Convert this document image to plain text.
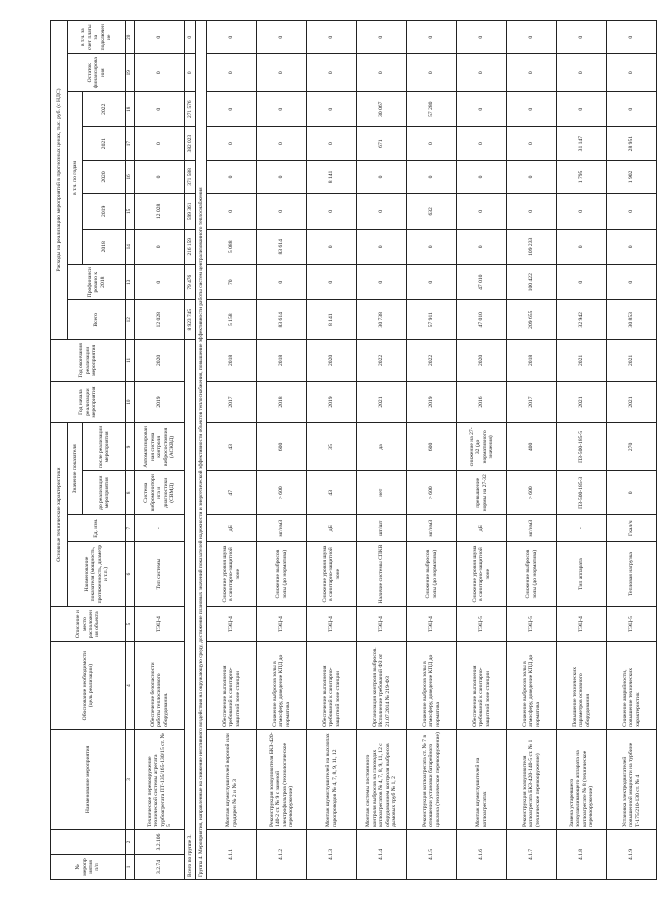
№ мероприятия
п/п		Наименование мероприятия	Обоснование необходимости (цель реализации)	Описание и место расположения объекта	Основные технические характеристики				Год начала реализации мероприятия	Год окончания реализации мероприятия	Расходы на реализацию мероприятий в прогнозных ценах, тыс. руб. (с НДС)								
					Наименование показателя (мощность, протяженность, диаметр и т.п.)	Ед. изм.	Значение показателя				Всего	Профинансировано к 2018	в т.ч. по годам					Остаток финансирования	в т.ч. за счет платы за подключение
							до реализации мероприятия	после реализации мероприятия					2018	2019	2020	2021	2022		
1	2	3	4	5	6	7	8	9	10	11	12	13	14	15	16	17	18	19	20
3.2.74	3.2.106	Техническое перевооружение технической системы агрегата турбоагрегата ПТ-135/165-130/15 ст. № 5	Обеспечение безопасности работы теплосилового оборудования.	ТЭЦ-4	Тип системы	-	Система вибромониторинга и диагностики (СВМД)	Автоматизированная система контроля вибросостояния (АСКВД)	2019	2020	12 028	0	0	12 028	0	0	0	0	0
Всего по группе 3.											8 923 745	79 476	216 159	599 361	371 588	382 023	271 576	0	0
Группа 4. Мероприятия, направленные на снижение негативного воздействия на окружающую среду, достижение плановых значений показателей надежности и энергетической эффективности объектов теплоснабжения, повышение эффективности работы систем централизованного теплоснабжения																			
4.1.1		Монтаж шумоглушителей вороной или градирен № 2 и № 3	Обеспечение выполнения требований к санитарно-защитной зоне станции	ТЭЦ-4	Снижение уровня шума в санитарно-защитной зоне	дБ	47	43	2017	2018	5 158	70	5 088	0	0	0	0	0	0
4.1.2		Реконструкция золоуловителя БКЗ-420-140-2 ст. № 9 с заменой электрофильтров (технологическое перевооружение)	Снижение выбросов золы в атмосферу, доведение КПД до норматива	ТЭЦ-4	Снижение выбросов золы (до норматива)	мг/нм3	> 600	600	2018	2018	83 614	0	83 614	0	0	0	0	0	0
4.1.3		Монтаж шумоглушителей на выхлопах паропроводов № 4, 7, 8, 9, 11, 12	Обеспечение выполнения требований к санитарно-защитной зоне станции	ТЭЦ-4	Снижение уровня шума в санитарно-защитной зоне	дБ	43	35	2019	2020	8 141	0	0	0	8 141	0	0	0	0
4.1.4		Монтаж системы постоянного контроля выбросов на газоходах котлоагрегатов № 4, 7, 8, 9, 11, 12 с оборудованием контроля выбросов дымовых труб № 1, 2	Организация контроля выбросов. Исполнение требований ФЗ от 21.07.2014 № 219-ФЗ	ТЭЦ-4	Наличие системы СПКВ	шт/шт	нет	да	2021	2022	30 738	0	0	0	0	671	30 067	0	0
4.1.5		Реконструкция котлоагрегата ст. № 7 в отношении установки батарейного циклона (техническое перевооружение)	Снижение выбросов золы в атмосферу, доведение КПД до норматива	ТЭЦ-4	Снижение выбросов золы (до норматива)	мг/нм3	> 600	600	2019	2022	57 911	0	0	632	0	0	57 280	0	0
4.1.6		Монтаж шумоглушителей на котлоагрегатах	Обеспечение выполнения требований к санитарно-защитной зоне станции	ТЭЦ-5	Снижение уровня шума в санитарно-защитной зоне	дБ	превышение нормы на 27-32	снижение на 27-32 (до нормативного значения)	2016	2020	47 010	47 010	0	0	0	0	0	0	0
4.1.7		Реконструкция золоуловителя котлоагрегата БКЗ-420-140-5 ст. № 1 (техническое перевооружение)	Снижение выбросов золы в атмосферу, доведение КПД до норматива	ТЭЦ-5	Снижение выбросов золы (до норматива)	мг/нм3	> 600	400	2017	2018	209 655	100 422	109 233	0	0	0	0	0	0
4.1.8		Замена устаревшего золоулавливающего аппарата на котлоагрегате № 8 (техническое перевооружение)	Повышение технических параметров основного оборудования	ТЭЦ-4	Тип аппарата	-	ПЗ-500-185-3	ПЗ-500-185-5	2021	2021	32 942	0	0	0	1 795	31 147	0	0	0
4.1.9		Установка электродвигателей повышенной мощности на турбине Т-175/210-130 ст. № 4	Снижение аварийности, повышение технических характеристик	ТЭЦ-5	Тепловая нагрузка	Гкал/ч	0	270	2021	2021	30 853	0	0	0	1 902	28 951	0	0	0
